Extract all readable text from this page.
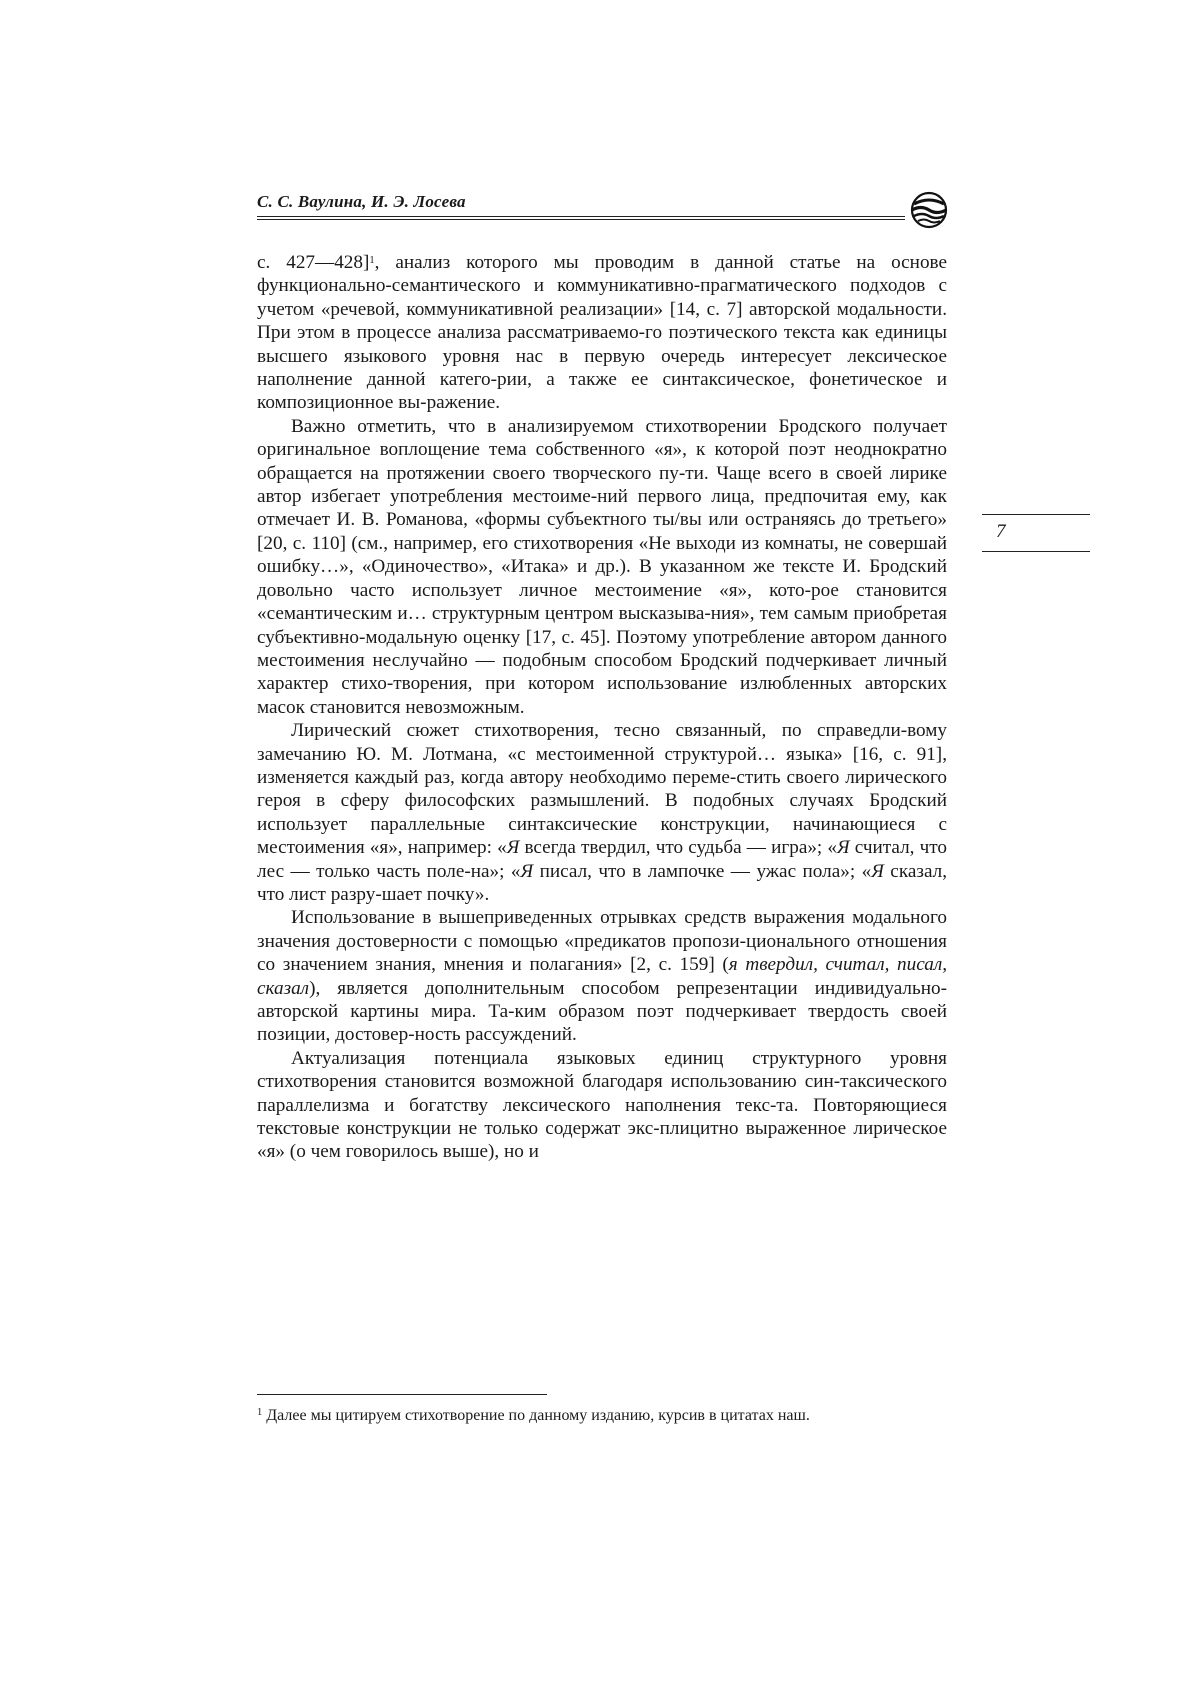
С. С. Ваулина, И. Э. Лосева
7

с. 427—428]$^1$, анализ которого мы проводим в данной статье на основе функционально-семантического и коммуникативно-прагматического подходов с учетом «речевой, коммуникативной реализации» [14, с. 7] авторской модальности. При этом в процессе анализа рассматриваемо-го поэтического текста как единицы высшего языкового уровня нас в первую очередь интересует лексическое наполнение данной катего-рии, а также ее синтаксическое, фонетическое и композиционное вы-ражение.

Важно отметить, что в анализируемом стихотворении Бродского получает оригинальное воплощение тема собственного «я», к которой поэт неоднократно обращается на протяжении своего творческого пу-ти. Чаще всего в своей лирике автор избегает употребления местоиме-ний первого лица, предпочитая ему, как отмечает И. В. Романова, «формы субъектного ты/вы или остраняясь до третьего» [20, с. 110] (см., например, его стихотворения «Не выходи из комнаты, не совершай ошибку…», «Одиночество», «Итака» и др.). В указанном же тексте И. Бродский довольно часто использует личное местоимение «я», кото-рое становится «семантическим и… структурным центром высказыва-ния», тем самым приобретая субъективно-модальную оценку [17, с. 45]. Поэтому употребление автором данного местоимения неслучайно — подобным способом Бродский подчеркивает личный характер стихо-творения, при котором использование излюбленных авторских масок становится невозможным.

Лирический сюжет стихотворения, тесно связанный, по справедли-вому замечанию Ю. М. Лотмана, «с местоименной структурой… языка» [16, с. 91], изменяется каждый раз, когда автору необходимо переме-стить своего лирического героя в сферу философских размышлений. В подобных случаях Бродский использует параллельные синтаксические конструкции, начинающиеся с местоимения «я», например: «Я всегда твердил, что судьба — игра»; «Я считал, что лес — только часть поле-на»; «Я писал, что в лампочке — ужас пола»; «Я сказал, что лист разру-шает почку».

Использование в вышеприведенных отрывках средств выражения модального значения достоверности с помощью «предикатов пропози-ционального отношения со значением знания, мнения и полагания» [2, с. 159] (я твердил, считал, писал, сказал), является дополнительным способом репрезентации индивидуально-авторской картины мира. Та-ким образом поэт подчеркивает твердость своей позиции, достовер-ность рассуждений.

Актуализация потенциала языковых единиц структурного уровня стихотворения становится возможной благодаря использованию син-таксического параллелизма и богатству лексического наполнения текс-та. Повторяющиеся текстовые конструкции не только содержат экс-плицитно выраженное лирическое «я» (о чем говорилось выше), но и

$^1$ Далее мы цитируем стихотворение по данному изданию, курсив в цитатах наш.
